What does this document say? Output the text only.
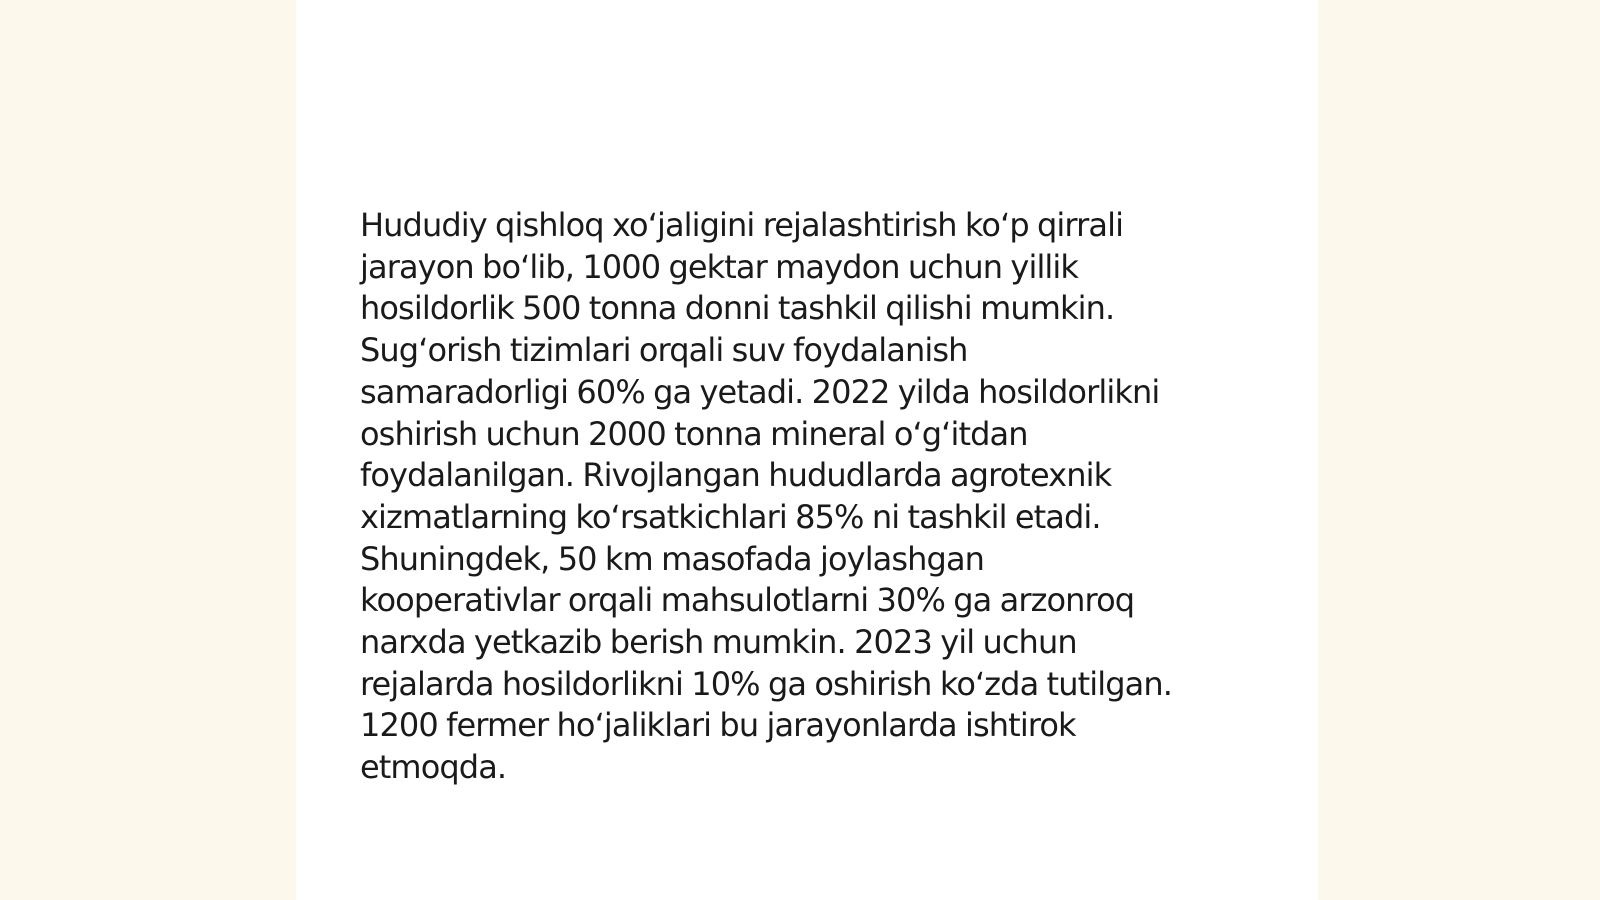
Hududiy qishloq xo‘jaligini rejalashtirish ko‘p qirrali
jarayon bo‘lib, 1000 gektar maydon uchun yillik
hosildorlik 500 tonna donni tashkil qilishi mumkin.
Sug‘orish tizimlari orqali suv foydalanish
samaradorligi 60% ga yetadi. 2022 yilda hosildorlikni
oshirish uchun 2000 tonna mineral o‘g‘itdan
foydalanilgan. Rivojlangan hududlarda agrotexnik
xizmatlarning ko‘rsatkichlari 85% ni tashkil etadi.
Shuningdek, 50 km masofada joylashgan
kooperativlar orqali mahsulotlarni 30% ga arzonroq
narxda yetkazib berish mumkin. 2023 yil uchun
rejalarda hosildorlikni 10% ga oshirish ko‘zda tutilgan.
1200 fermer ho‘jaliklari bu jarayonlarda ishtirok
etmoqda.
